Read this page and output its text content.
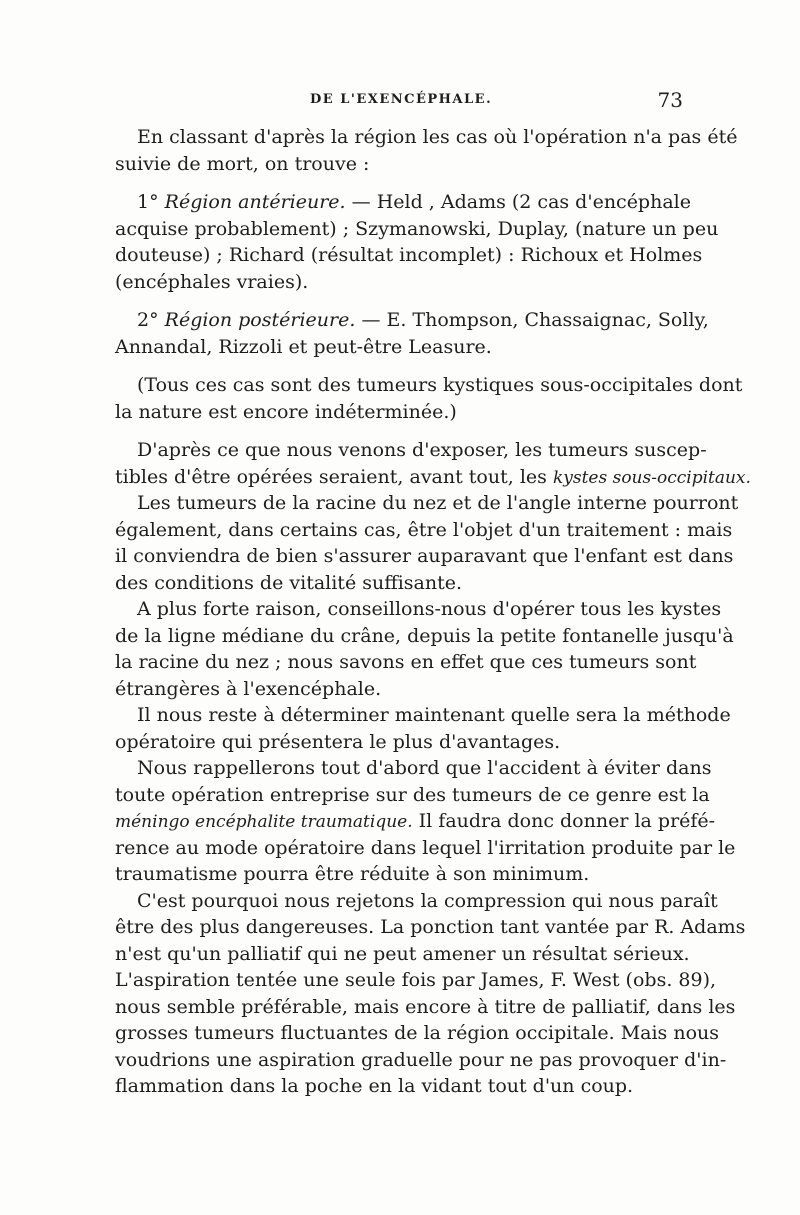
DE L'EXENCÉPHALE.	73
En classant d'après la région les cas où l'opération n'a pas été
suivie de mort, on trouve :
1° Région antérieure. — Held , Adams (2 cas d'encéphale
acquise probablement) ; Szymanowski, Duplay, (nature un peu
douteuse) ; Richard (résultat incomplet) : Richoux et Holmes
(encéphales vraies).
2° Région postérieure. — E. Thompson, Chassaignac, Solly,
Annandal, Rizzoli et peut-être Leasure.
(Tous ces cas sont des tumeurs kystiques sous-occipitales dont
la nature est encore indéterminée.)
D'après ce que nous venons d'exposer, les tumeurs suscep-
tibles d'être opérées seraient, avant tout, les kystes sous-occipitaux.
Les tumeurs de la racine du nez et de l'angle interne pourront
également, dans certains cas, être l'objet d'un traitement : mais
il conviendra de bien s'assurer auparavant que l'enfant est dans
des conditions de vitalité suffisante.
A plus forte raison, conseillons-nous d'opérer tous les kystes
de la ligne médiane du crâne, depuis la petite fontanelle jusqu'à
la racine du nez ; nous savons en effet que ces tumeurs sont
étrangères à l'exencéphale.
Il nous reste à déterminer maintenant quelle sera la méthode
opératoire qui présentera le plus d'avantages.
Nous rappellerons tout d'abord que l'accident à éviter dans
toute opération entreprise sur des tumeurs de ce genre est la
méningo encéphalite traumatique. Il faudra donc donner la préfé-
rence au mode opératoire dans lequel l'irritation produite par le
traumatisme pourra être réduite à son minimum.
C'est pourquoi nous rejetons la compression qui nous paraît
être des plus dangereuses. La ponction tant vantée par R. Adams
n'est qu'un palliatif qui ne peut amener un résultat sérieux.
L'aspiration tentée une seule fois par James, F. West (obs. 89),
nous semble préférable, mais encore à titre de palliatif, dans les
grosses tumeurs fluctuantes de la région occipitale. Mais nous
voudrions une aspiration graduelle pour ne pas provoquer d'in-
flammation dans la poche en la vidant tout d'un coup.
